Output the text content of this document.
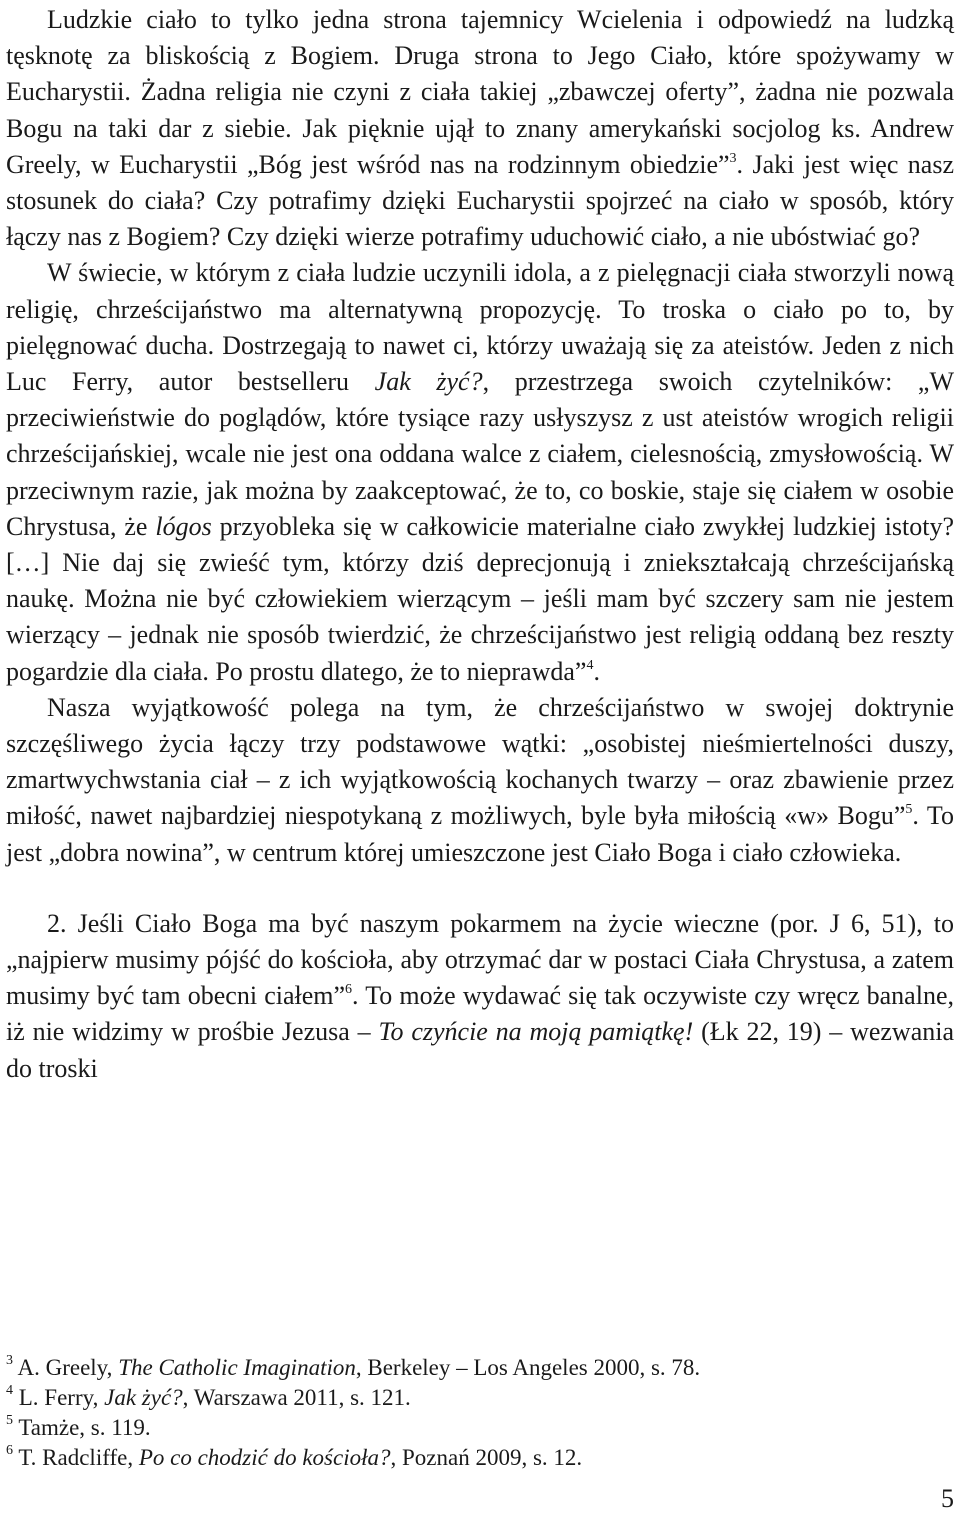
Ludzkie ciało to tylko jedna strona tajemnicy Wcielenia i odpowiedź na ludzką tęsknotę za bliskością z Bogiem. Druga strona to Jego Ciało, które spożywamy w Eucharystii. Żadna religia nie czyni z ciała takiej „zbawczej oferty”, żadna nie pozwala Bogu na taki dar z siebie. Jak pięknie ujął to znany amerykański socjolog ks. Andrew Greely, w Eucharystii „Bóg jest wśród nas na rodzinnym obiedzie”$^3$. Jaki jest więc nasz stosunek do ciała? Czy potrafimy dzięki Eucharystii spojrzeć na ciało w sposób, który łączy nas z Bogiem? Czy dzięki wierze potrafimy uduchowić ciało, a nie ubóstwiać go?

W świecie, w którym z ciała ludzie uczynili idola, a z pielęgnacji ciała stworzyli nową religię, chrześcijaństwo ma alternatywną propozycję. To troska o ciało po to, by pielęgnować ducha. Dostrzegają to nawet ci, którzy uważają się za ateistów. Jeden z nich Luc Ferry, autor bestselleru Jak żyć?, przestrzega swoich czytelników: „W przeciwieństwie do poglądów, które tysiące razy usłyszysz z ust ateistów wrogich religii chrześcijańskiej, wcale nie jest ona oddana walce z ciałem, cielesnością, zmysłowością. W przeciwnym razie, jak można by zaakceptować, że to, co boskie, staje się ciałem w osobie Chrystusa, że lógos przyobleka się w całkowicie materialne ciało zwykłej ludzkiej istoty? […] Nie daj się zwieść tym, którzy dziś deprecjonują i zniekształcają chrześcijańską naukę. Można nie być człowiekiem wierzącym – jeśli mam być szczery sam nie jestem wierzący – jednak nie sposób twierdzić, że chrześcijaństwo jest religią oddaną bez reszty pogardzie dla ciała. Po prostu dlatego, że to nieprawda”$^4$.

Nasza wyjątkowość polega na tym, że chrześcijaństwo w swojej doktrynie szczęśliwego życia łączy trzy podstawowe wątki: „osobistej nieśmiertelności duszy, zmartwychwstania ciał – z ich wyjątkowością kochanych twarzy – oraz zbawienie przez miłość, nawet najbardziej niespotykaną z możliwych, byle była miłością «w» Bogu”$^5$. To jest „dobra nowina”, w centrum której umieszczone jest Ciało Boga i ciało człowieka.

2. Jeśli Ciało Boga ma być naszym pokarmem na życie wieczne (por. J 6, 51), to „najpierw musimy pójść do kościoła, aby otrzymać dar w postaci Ciała Chrystusa, a zatem musimy być tam obecni ciałem”$^6$. To może wydawać się tak oczywiste czy wręcz banalne, iż nie widzimy w prośbie Jezusa – To czyńcie na moją pamiątkę! (Łk 22, 19) – wezwania do troski

$^3$ A. Greely, The Catholic Imagination, Berkeley – Los Angeles 2000, s. 78.

$^4$ L. Ferry, Jak żyć?, Warszawa 2011, s. 121.

$^5$ Tamże, s. 119.

$^6$ T. Radcliffe, Po co chodzić do kościoła?, Poznań 2009, s. 12.

5
